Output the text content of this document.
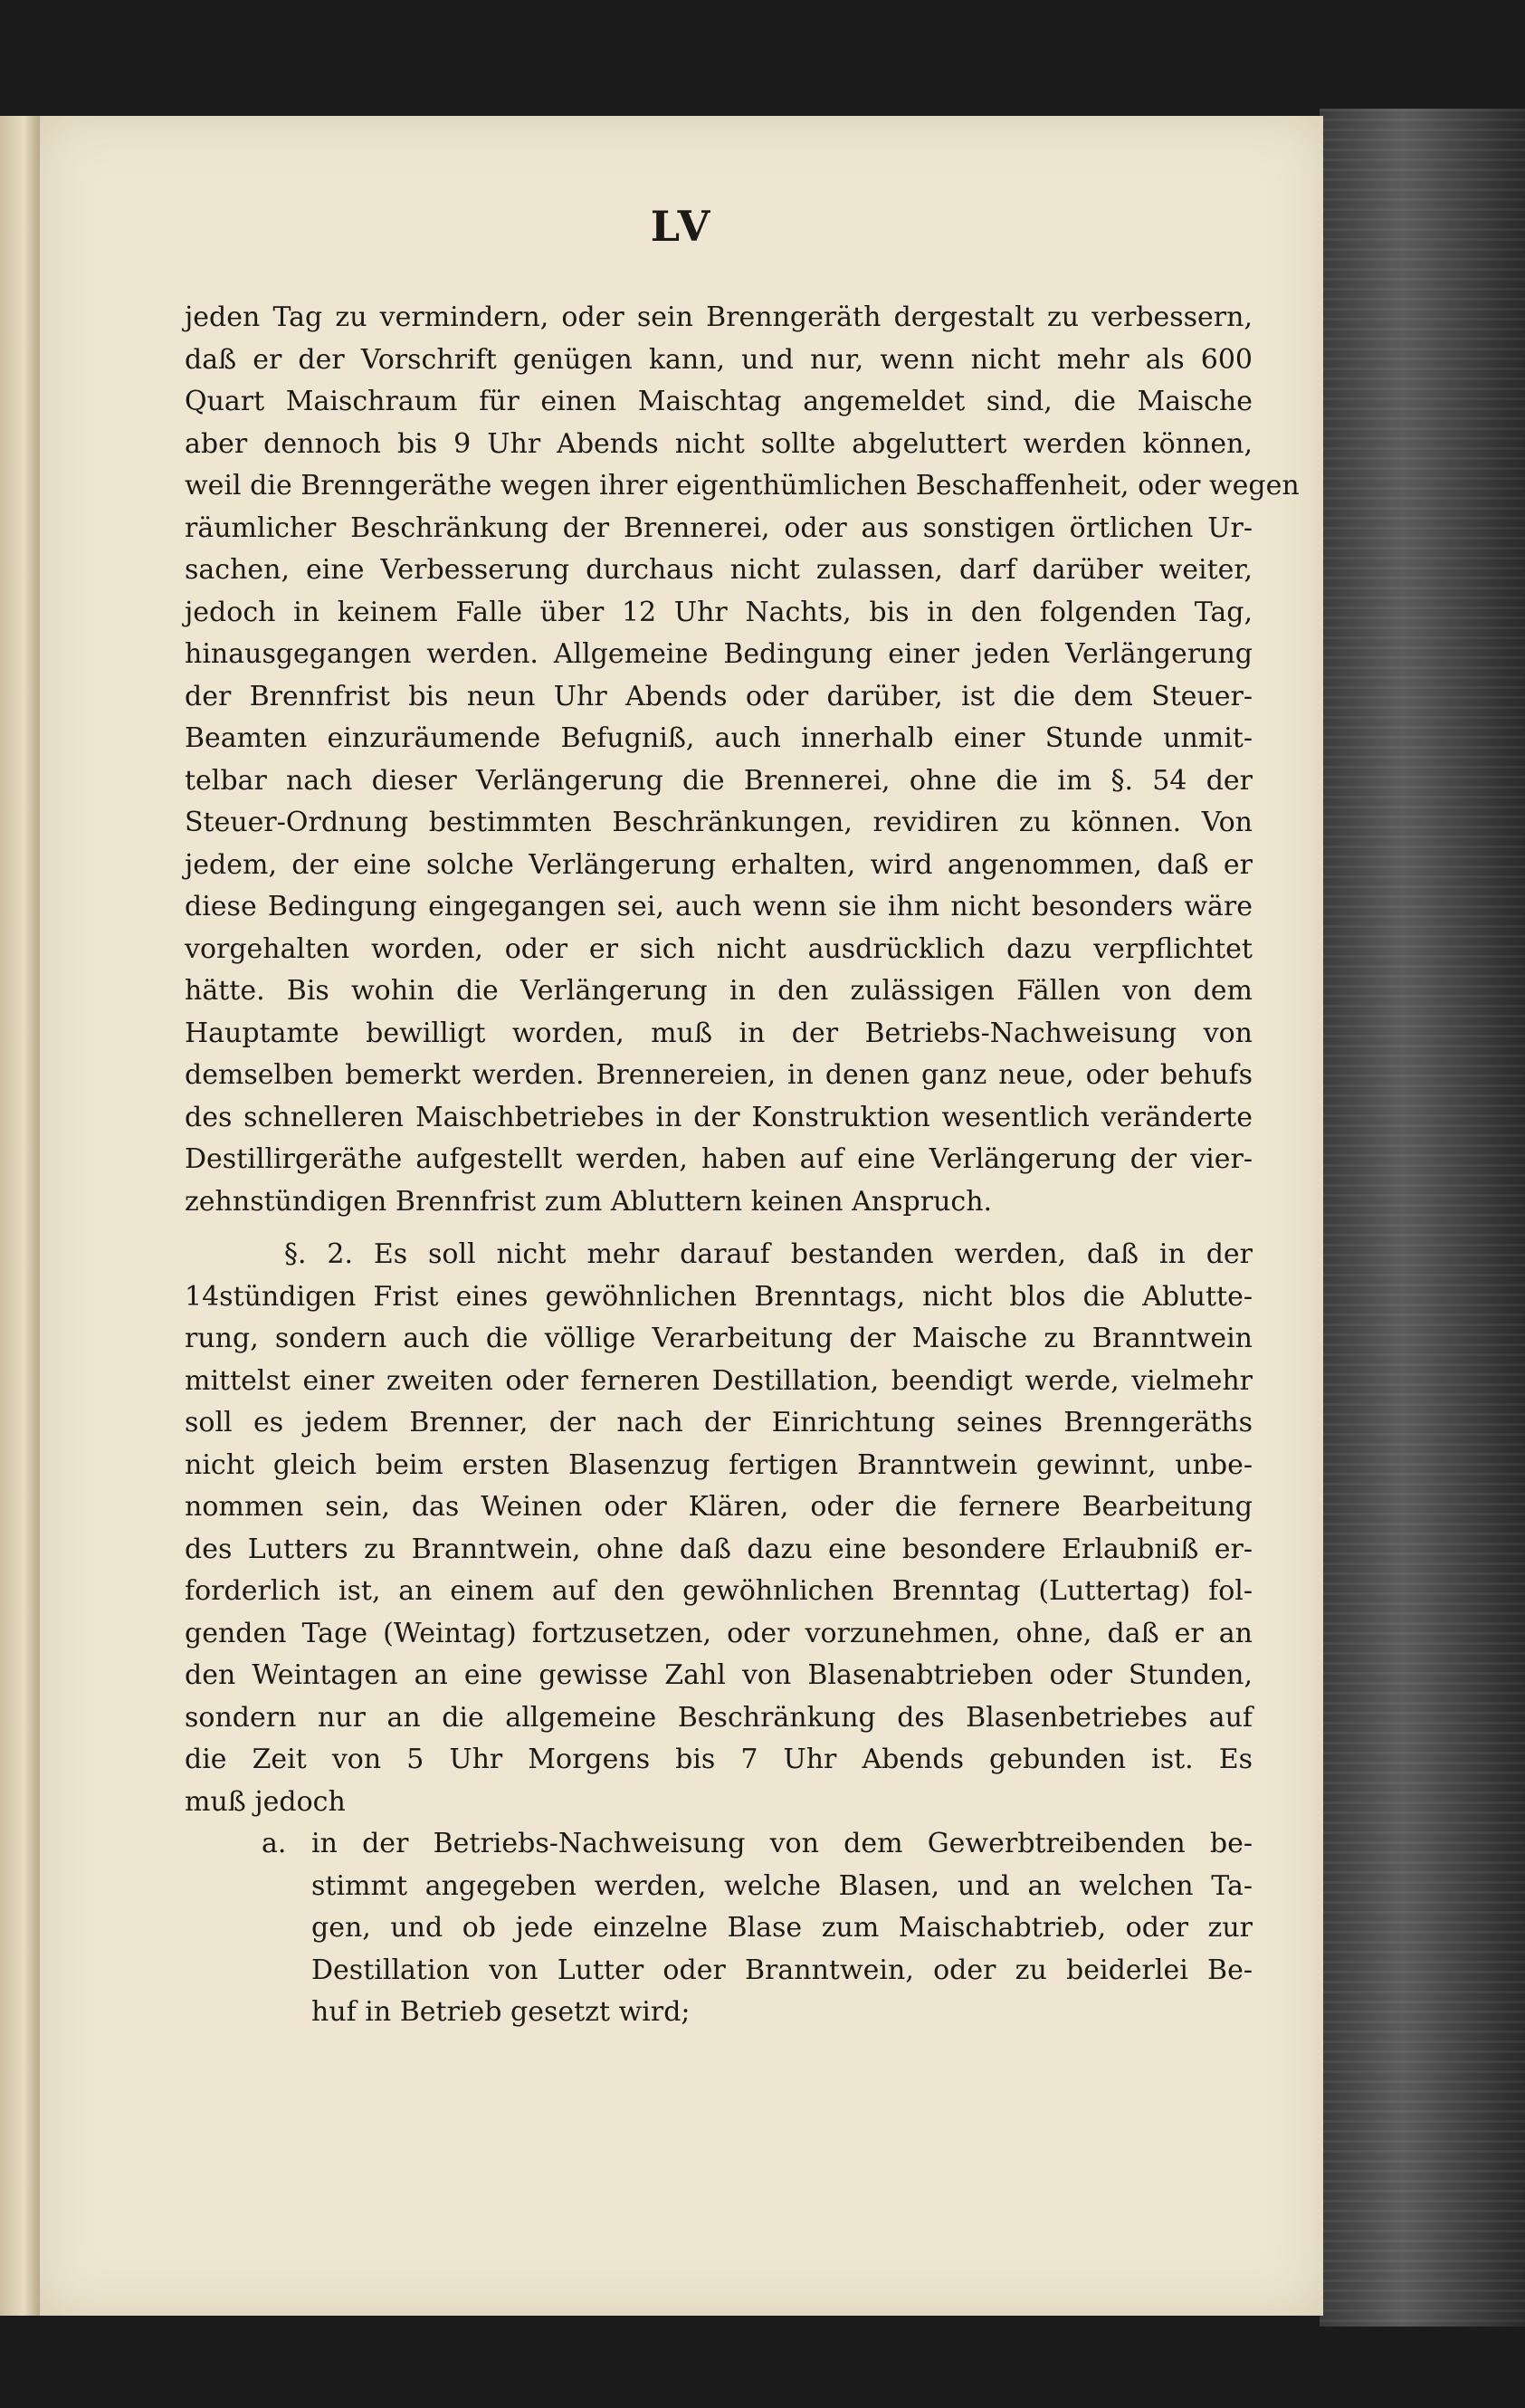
LV
jeden Tag zu vermindern, oder sein Brenngeräth dergestalt zu verbessern,
daß er der Vorschrift genügen kann, und nur, wenn nicht mehr als 600
Quart Maischraum für einen Maischtag angemeldet sind, die Maische
aber dennoch bis 9 Uhr Abends nicht sollte abgeluttert werden können,
weil die Brenngeräthe wegen ihrer eigenthümlichen Beschaffenheit, oder wegen
räumlicher Beschränkung der Brennerei, oder aus sonstigen örtlichen Ur-
sachen, eine Verbesserung durchaus nicht zulassen, darf darüber weiter,
jedoch in keinem Falle über 12 Uhr Nachts, bis in den folgenden Tag,
hinausgegangen werden. Allgemeine Bedingung einer jeden Verlängerung
der Brennfrist bis neun Uhr Abends oder darüber, ist die dem Steuer-
Beamten einzuräumende Befugniß, auch innerhalb einer Stunde unmit-
telbar nach dieser Verlängerung die Brennerei, ohne die im §. 54 der
Steuer-Ordnung bestimmten Beschränkungen, revidiren zu können. Von
jedem, der eine solche Verlängerung erhalten, wird angenommen, daß er
diese Bedingung eingegangen sei, auch wenn sie ihm nicht besonders wäre
vorgehalten worden, oder er sich nicht ausdrücklich dazu verpflichtet
hätte. Bis wohin die Verlängerung in den zulässigen Fällen von dem
Hauptamte bewilligt worden, muß in der Betriebs-Nachweisung von
demselben bemerkt werden. Brennereien, in denen ganz neue, oder behufs
des schnelleren Maischbetriebes in der Konstruktion wesentlich veränderte
Destillirgeräthe aufgestellt werden, haben auf eine Verlängerung der vier-
zehnstündigen Brennfrist zum Abluttern keinen Anspruch.
§. 2. Es soll nicht mehr darauf bestanden werden, daß in der
14stündigen Frist eines gewöhnlichen Brenntags, nicht blos die Ablutte-
rung, sondern auch die völlige Verarbeitung der Maische zu Branntwein
mittelst einer zweiten oder ferneren Destillation, beendigt werde, vielmehr
soll es jedem Brenner, der nach der Einrichtung seines Brenngeräths
nicht gleich beim ersten Blasenzug fertigen Branntwein gewinnt, unbe-
nommen sein, das Weinen oder Klären, oder die fernere Bearbeitung
des Lutters zu Branntwein, ohne daß dazu eine besondere Erlaubniß er-
forderlich ist, an einem auf den gewöhnlichen Brenntag (Luttertag) fol-
genden Tage (Weintag) fortzusetzen, oder vorzunehmen, ohne, daß er an
den Weintagen an eine gewisse Zahl von Blasenabtrieben oder Stunden,
sondern nur an die allgemeine Beschränkung des Blasenbetriebes auf
die Zeit von 5 Uhr Morgens bis 7 Uhr Abends gebunden ist. Es
muß jedoch
a. in der Betriebs-Nachweisung von dem Gewerbtreibenden be-
stimmt angegeben werden, welche Blasen, und an welchen Ta-
gen, und ob jede einzelne Blase zum Maischabtrieb, oder zur
Destillation von Lutter oder Branntwein, oder zu beiderlei Be-
huf in Betrieb gesetzt wird;
